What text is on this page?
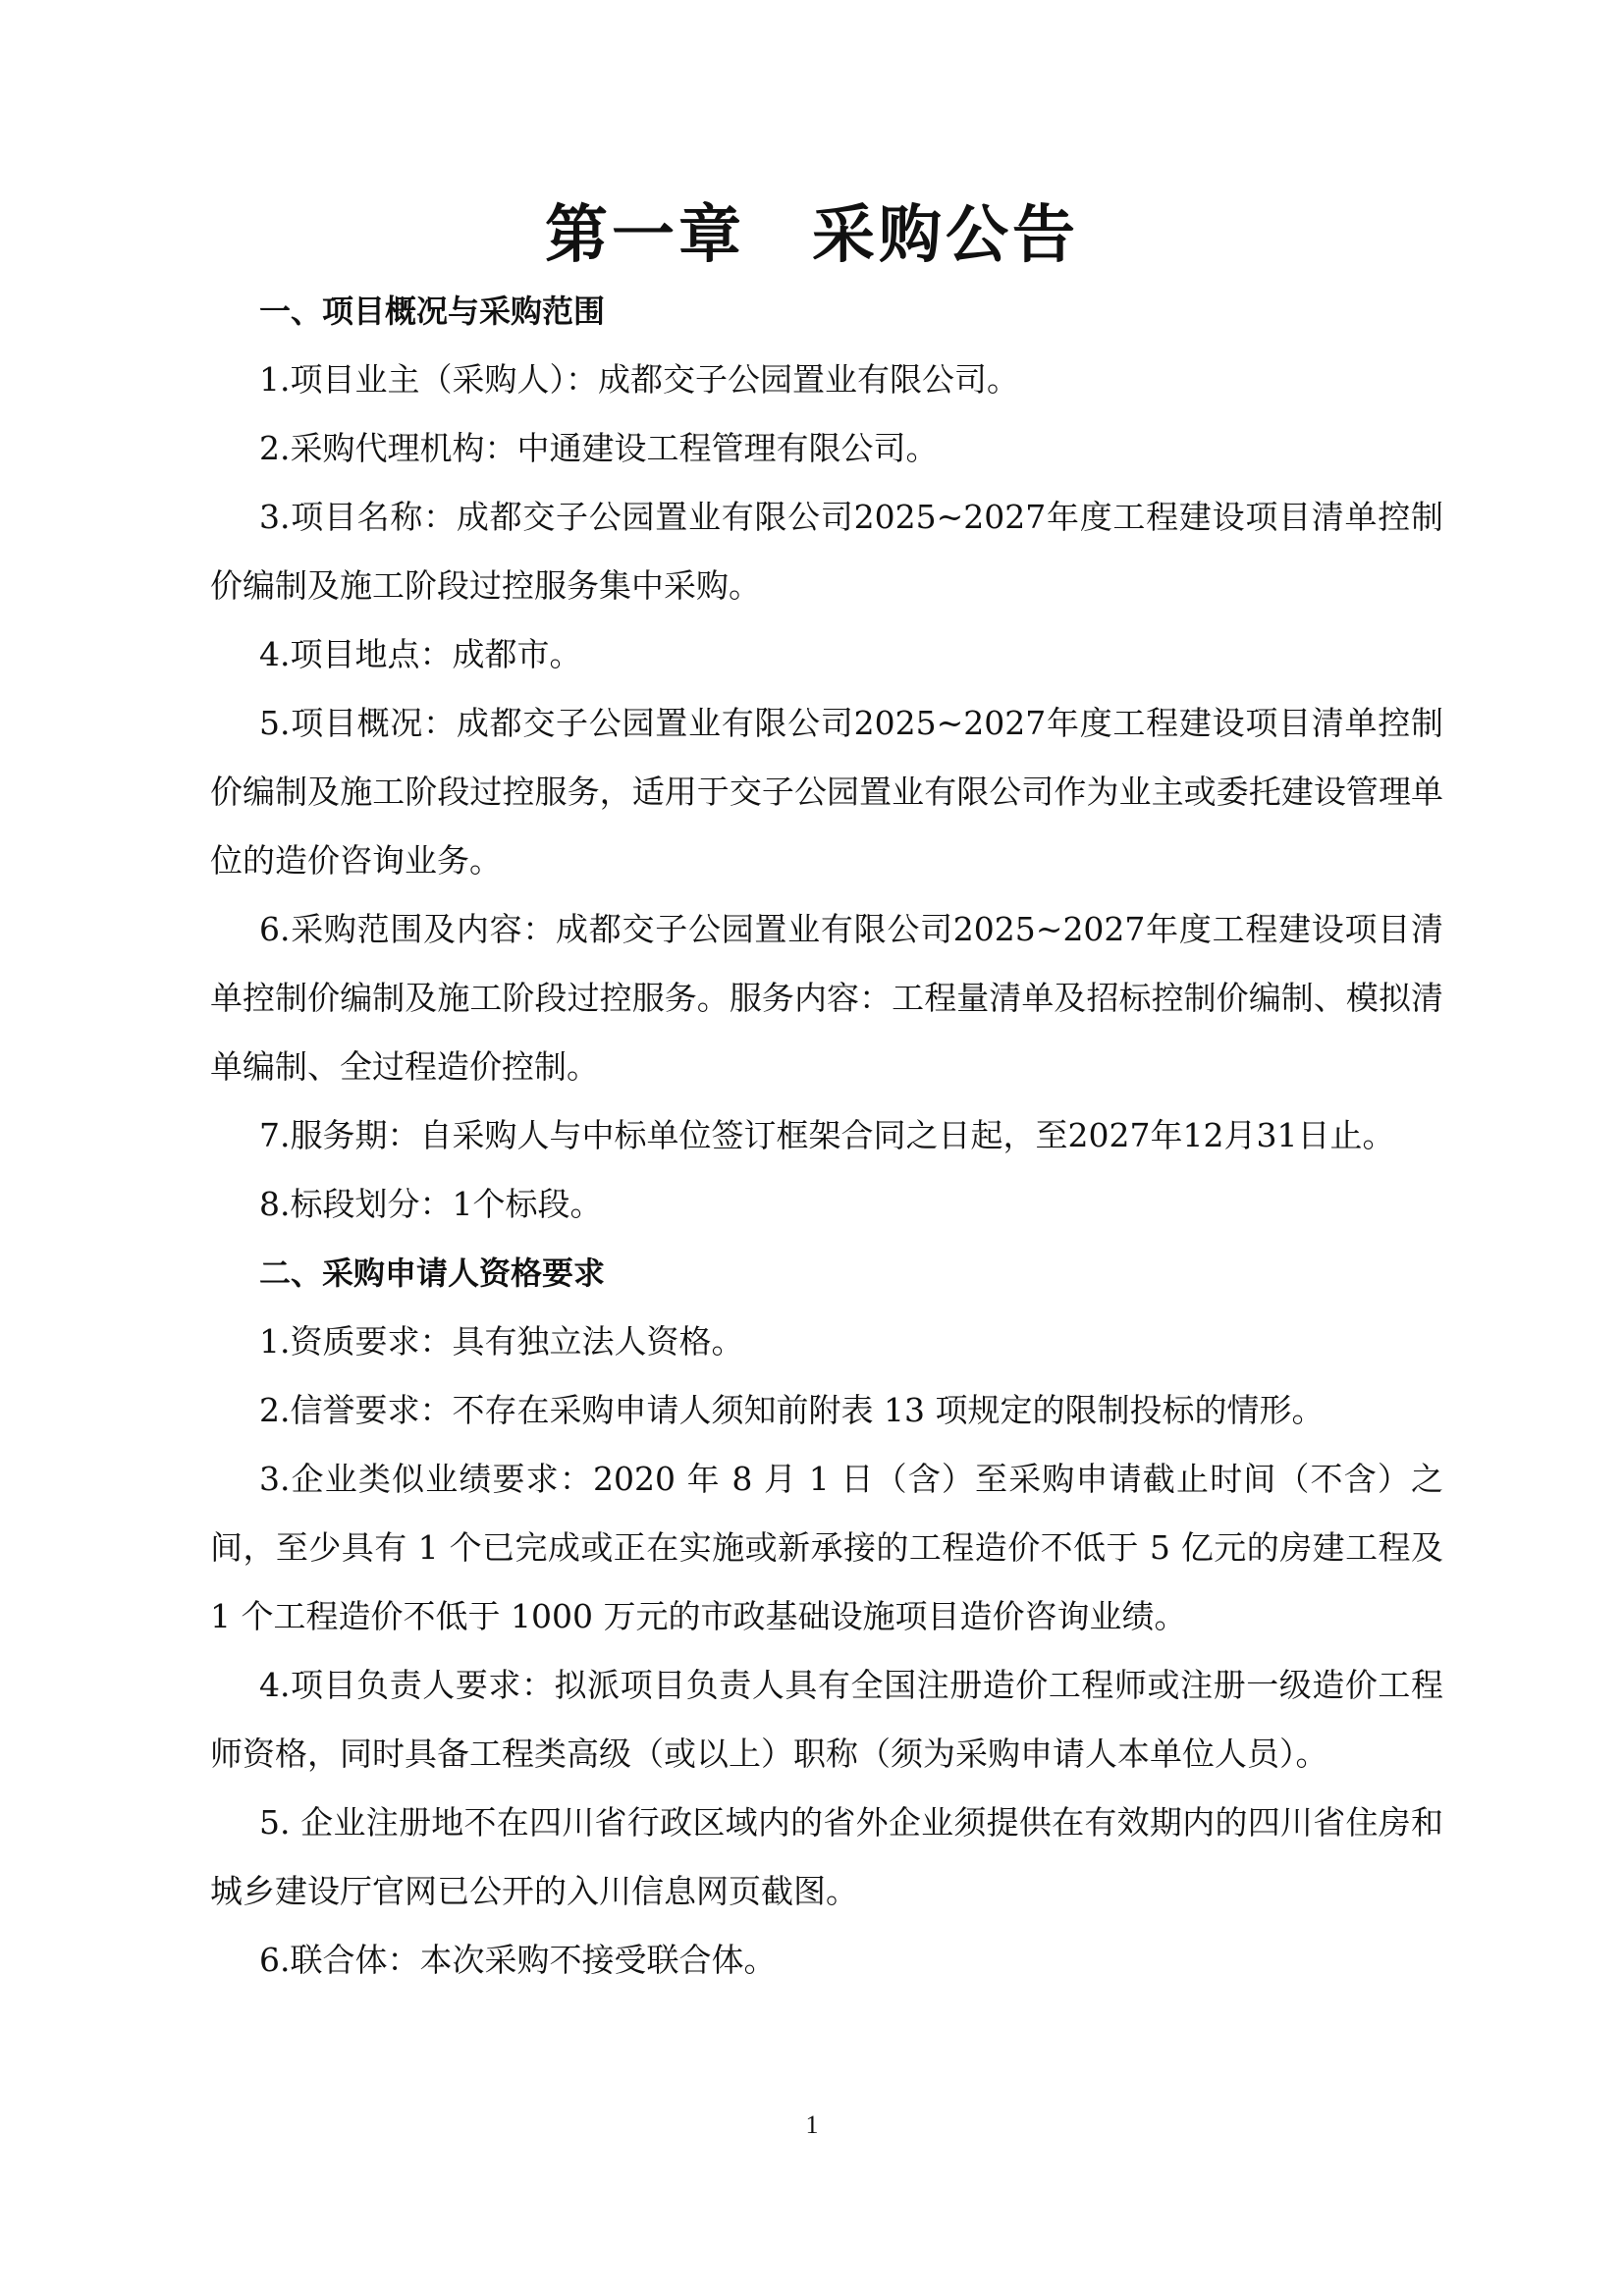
第一章　采购公告

一、项目概况与采购范围

1.项目业主（采购人）：成都交子公园置业有限公司。

2.采购代理机构：中通建设工程管理有限公司。

3.项目名称：成都交子公园置业有限公司2025~2027年度工程建设项目清单控制价编制及施工阶段过控服务集中采购。

4.项目地点：成都市。

5.项目概况：成都交子公园置业有限公司2025~2027年度工程建设项目清单控制价编制及施工阶段过控服务，适用于交子公园置业有限公司作为业主或委托建设管理单位的造价咨询业务。

6.采购范围及内容：成都交子公园置业有限公司2025~2027年度工程建设项目清单控制价编制及施工阶段过控服务。服务内容：工程量清单及招标控制价编制、模拟清单编制、全过程造价控制。

7.服务期：自采购人与中标单位签订框架合同之日起，至2027年12月31日止。

8.标段划分：1个标段。

二、采购申请人资格要求

1.资质要求：具有独立法人资格。

2.信誉要求：不存在采购申请人须知前附表 13 项规定的限制投标的情形。

3.企业类似业绩要求：2020 年 8 月 1 日（含）至采购申请截止时间（不含）之间，至少具有 1 个已完成或正在实施或新承接的工程造价不低于 5 亿元的房建工程及 1 个工程造价不低于 1000 万元的市政基础设施项目造价咨询业绩。

4.项目负责人要求：拟派项目负责人具有全国注册造价工程师或注册一级造价工程师资格，同时具备工程类高级（或以上）职称（须为采购申请人本单位人员）。

5. 企业注册地不在四川省行政区域内的省外企业须提供在有效期内的四川省住房和城乡建设厅官网已公开的入川信息网页截图。

6.联合体：本次采购不接受联合体。

1
